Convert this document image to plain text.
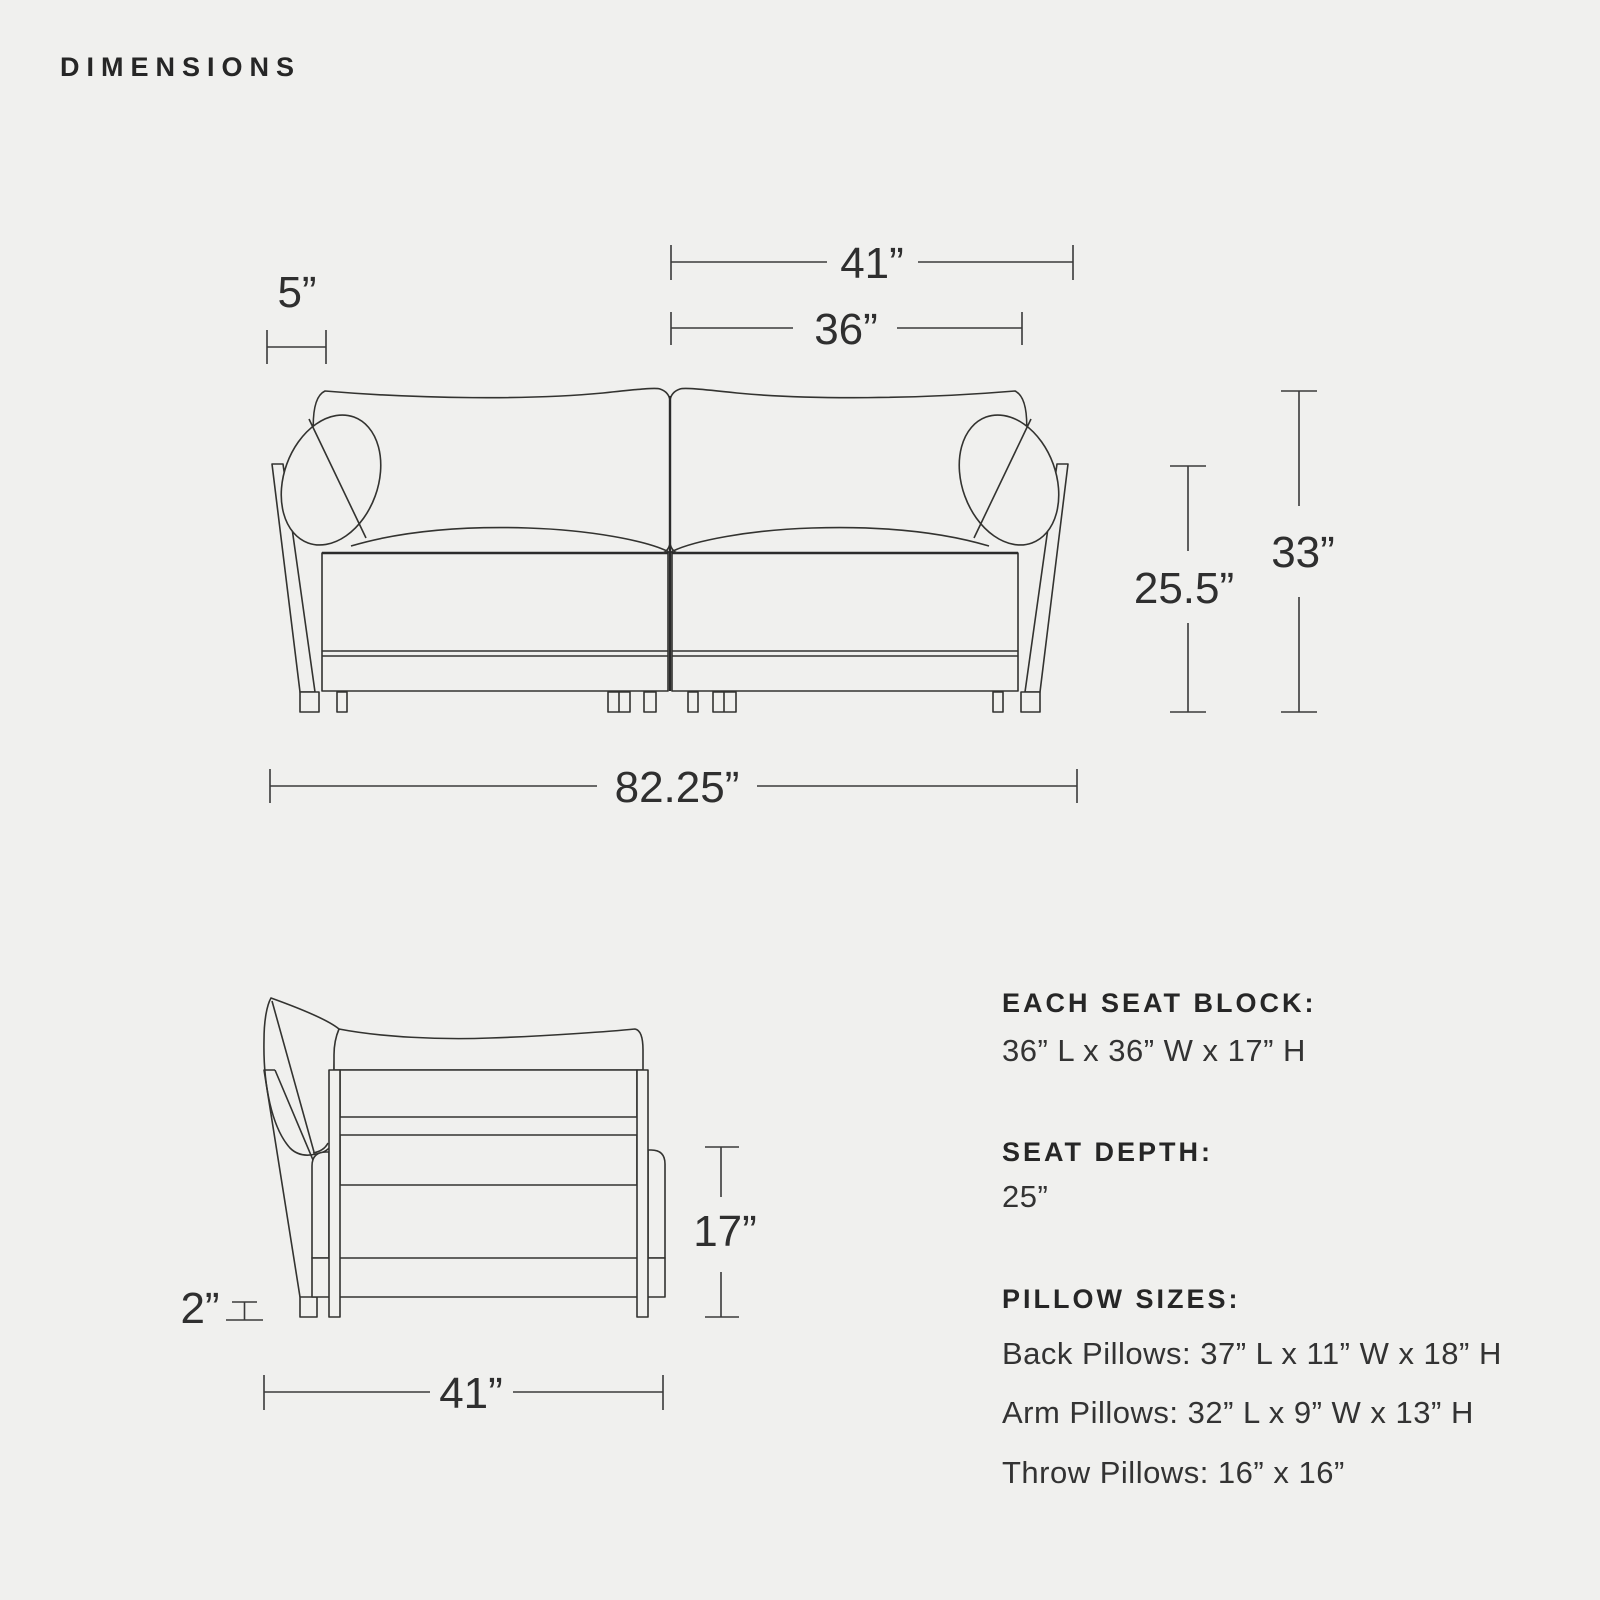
41”
36”
5”
25.5”
33”
82.25”
17”
2”
41”
DIMENSIONS
EACH SEAT BLOCK:
36” L x 36” W x 17” H
SEAT DEPTH:
25”
PILLOW SIZES:
Back Pillows: 37” L x 11” W x 18” H
Arm Pillows: 32” L x 9” W x 13” H
Throw Pillows: 16” x 16”
